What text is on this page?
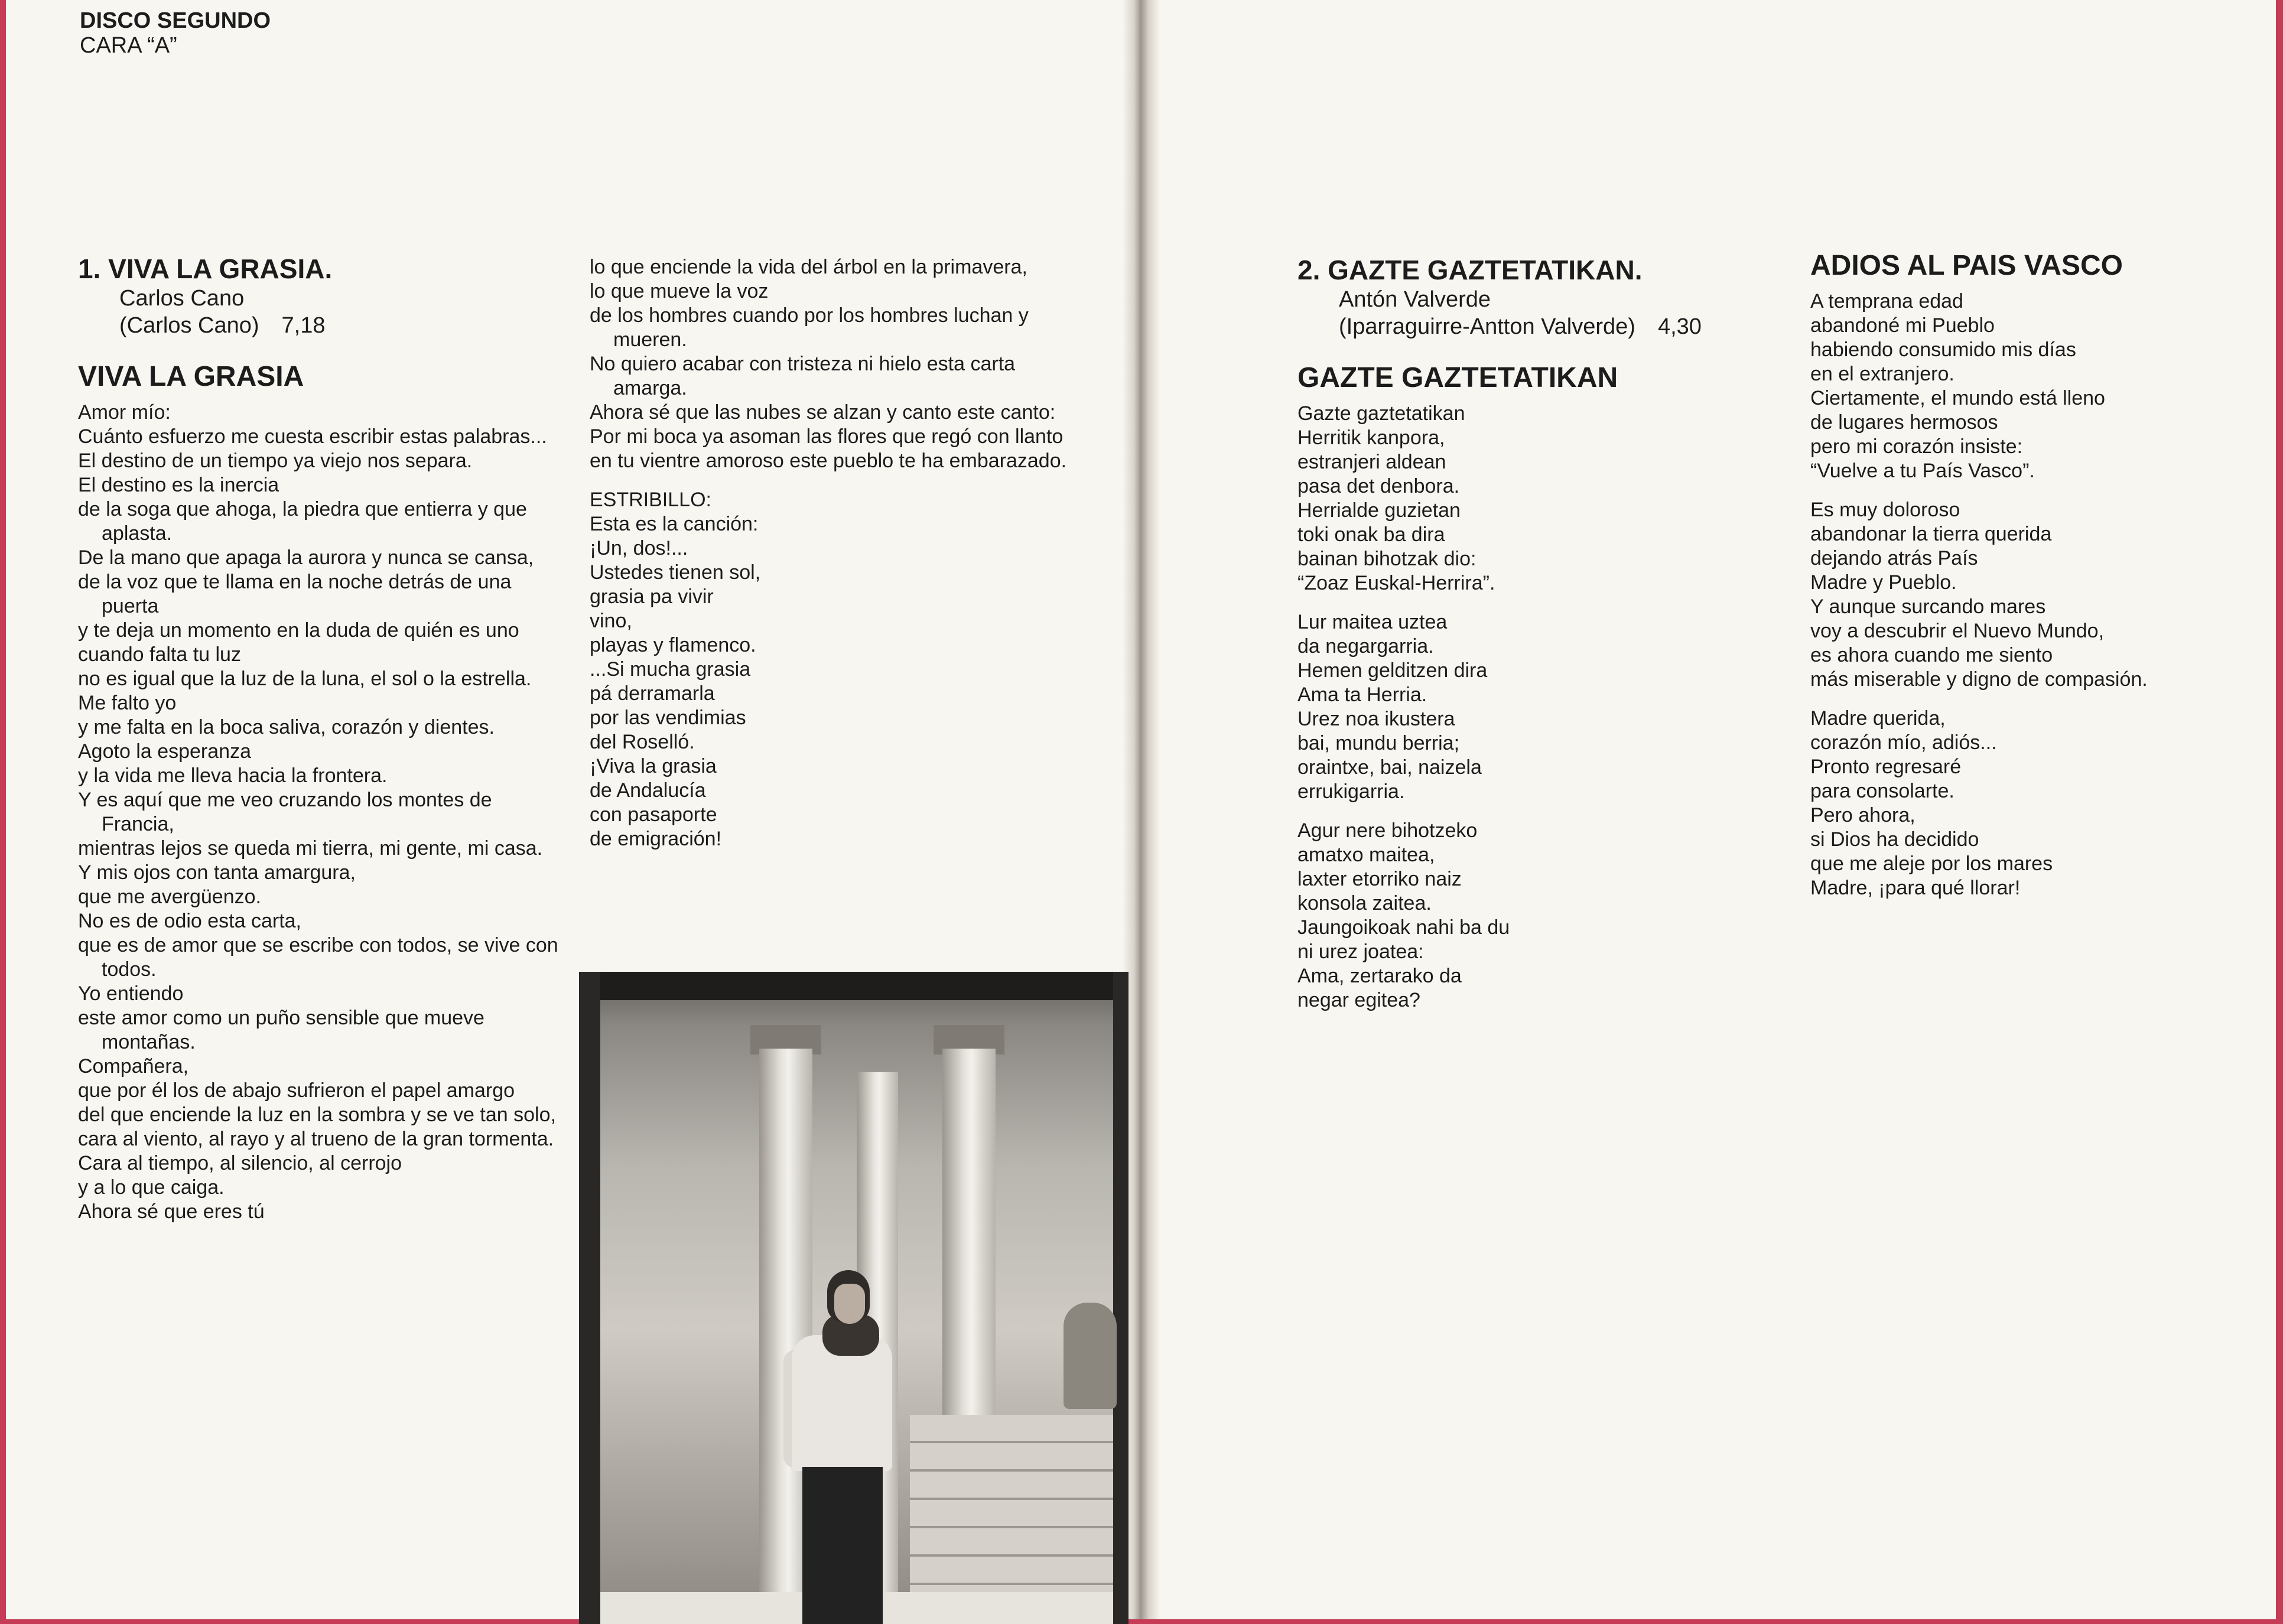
DISCO SEGUNDO
CARA “A”
1. VIVA LA GRASIA.
Carlos Cano
(Carlos Cano) 7,18
VIVA LA GRASIA
Amor mío:
Cuánto esfuerzo me cuesta escribir estas palabras...
El destino de un tiempo ya viejo nos separa.
El destino es la inercia
de la soga que ahoga, la piedra que entierra y que aplasta.
De la mano que apaga la aurora y nunca se cansa,
de la voz que te llama en la noche detrás de una puerta
y te deja un momento en la duda de quién es uno
cuando falta tu luz
no es igual que la luz de la luna, el sol o la estrella.
Me falto yo
y me falta en la boca saliva, corazón y dientes.
Agoto la esperanza
y la vida me lleva hacia la frontera.
Y es aquí que me veo cruzando los montes de Francia,
mientras lejos se queda mi tierra, mi gente, mi casa.
Y mis ojos con tanta amargura,
que me avergüenzo.
No es de odio esta carta,
que es de amor que se escribe con todos, se vive con todos.
Yo entiendo
este amor como un puño sensible que mueve montañas.
Compañera,
que por él los de abajo sufrieron el papel amargo
del que enciende la luz en la sombra y se ve tan solo,
cara al viento, al rayo y al trueno de la gran tormenta.
Cara al tiempo, al silencio, al cerrojo
y a lo que caiga.
Ahora sé que eres tú

lo que enciende la vida del árbol en la primavera,
lo que mueve la voz
de los hombres cuando por los hombres luchan y mueren.
No quiero acabar con tristeza ni hielo esta carta amarga.
Ahora sé que las nubes se alzan y canto este canto:
Por mi boca ya asoman las flores que regó con llanto
en tu vientre amoroso este pueblo te ha embarazado.

ESTRIBILLO:
Esta es la canción:
¡Un, dos!...
Ustedes tienen sol,
grasia pa vivir
vino,
playas y flamenco.
...Si mucha grasia
pá derramarla
por las vendimias
del Roselló.
¡Viva la grasia
de Andalucía
con pasaporte
de emigración!
2. GAZTE GAZTETATIKAN.
Antón Valverde
(Iparraguirre-Antton Valverde) 4,30
GAZTE GAZTETATIKAN

Gazte gaztetatikan
Herritik kanpora,
estranjeri aldean
pasa det denbora.
Herrialde guzietan
toki onak ba dira
bainan bihotzak dio:
“Zoaz Euskal-Herrira”.

Lur maitea uztea
da negargarria.
Hemen gelditzen dira
Ama ta Herria.
Urez noa ikustera
bai, mundu berria;
oraintxe, bai, naizela
errukigarria.

Agur nere bihotzeko
amatxo maitea,
laxter etorriko naiz
konsola zaitea.
Jaungoikoak nahi ba du
ni urez joatea:
Ama, zertarako da
negar egitea?

ADIOS AL PAIS VASCO

A temprana edad
abandoné mi Pueblo
habiendo consumido mis días
en el extranjero.
Ciertamente, el mundo está lleno
de lugares hermosos
pero mi corazón insiste:
“Vuelve a tu País Vasco”.

Es muy doloroso
abandonar la tierra querida
dejando atrás País
Madre y Pueblo.
Y aunque surcando mares
voy a descubrir el Nuevo Mundo,
es ahora cuando me siento
más miserable y digno de compasión.

Madre querida,
corazón mío, adiós...
Pronto regresaré
para consolarte.
Pero ahora,
si Dios ha decidido
que me aleje por los mares
Madre, ¡para qué llorar!
